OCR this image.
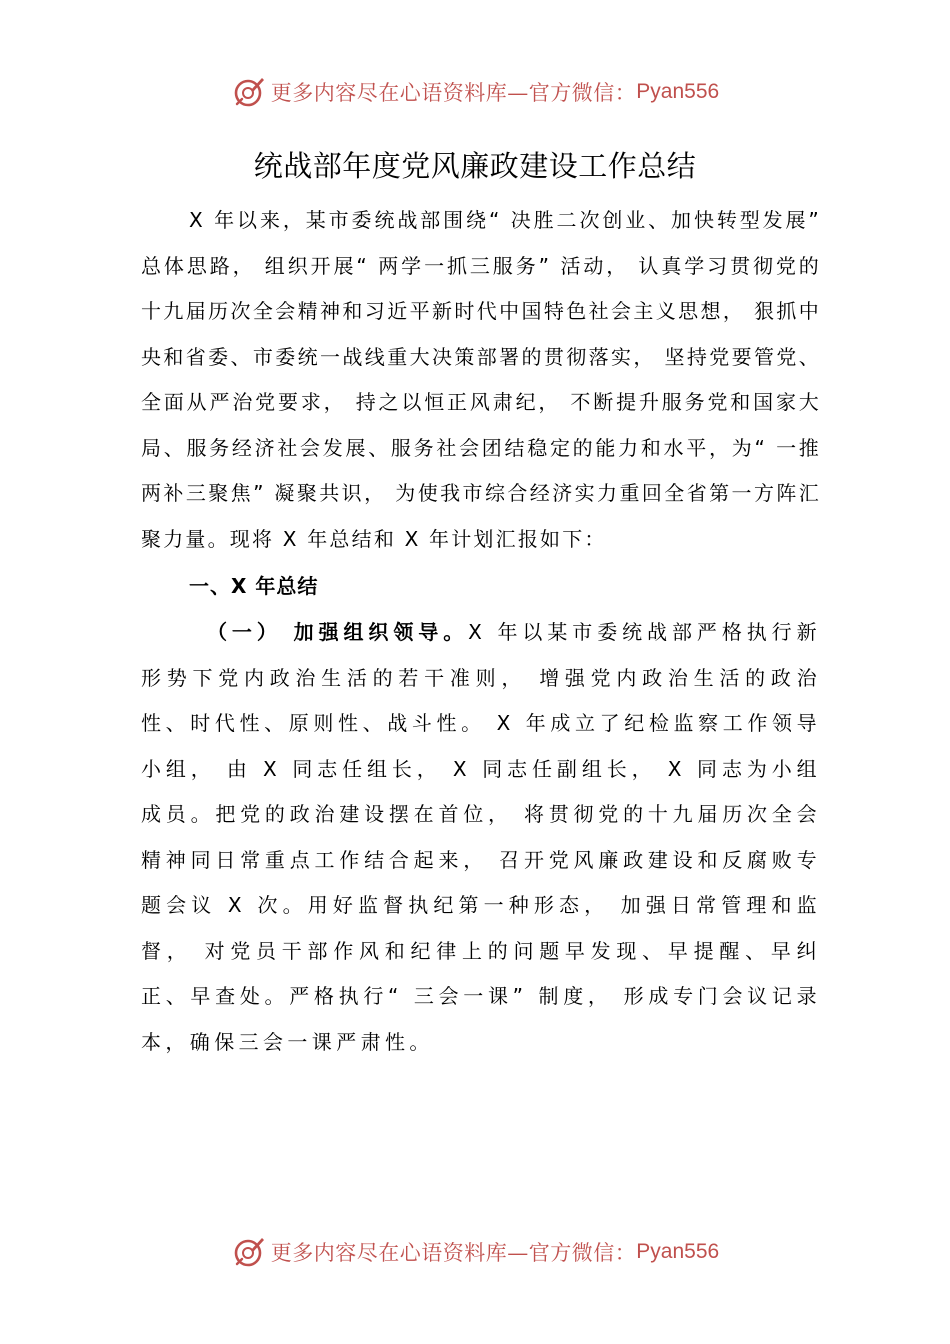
更多内容尽在心语资料库—官方微信： Pyan556
统战部年度党风廉政建设工作总结

X 年以来，某市委统战部围绕“ 决胜二次创业、加快转型发展” 总体思路， 组织开展“ 两学一抓三服务” 活动， 认真学习贯彻党的十九届历次全会精神和习近平新时代中国特色社会主义思想， 狠抓中央和省委、市委统一战线重大决策部署的贯彻落实， 坚持党要管党、全面从严治党要求， 持之以恒正风肃纪， 不断提升服务党和国家大局、服务经济社会发展、服务社会团结稳定的能力和水平，为“ 一推两补三聚焦” 凝聚共识， 为使我市综合经济实力重回全省第一方阵汇聚力量。现将 X 年总结和 X 年计划汇报如下：

一、X 年总结

（一） 加强组织领导。X 年以某市委统战部严格执行新形势下党内政治生活的若干准则， 增强党内政治生活的政治性、时代性、原则性、战斗性。 X 年成立了纪检监察工作领导小组， 由 X 同志任组长， X 同志任副组长， X 同志为小组成员。把党的政治建设摆在首位， 将贯彻党的十九届历次全会精神同日常重点工作结合起来， 召开党风廉政建设和反腐败专题会议 X 次。用好监督执纪第一种形态， 加强日常管理和监督， 对党员干部作风和纪律上的问题早发现、早提醒、早纠正、早查处。严格执行“ 三会一课” 制度， 形成专门会议记录本，确保三会一课严肃性。

更多内容尽在心语资料库—官方微信： Pyan556
